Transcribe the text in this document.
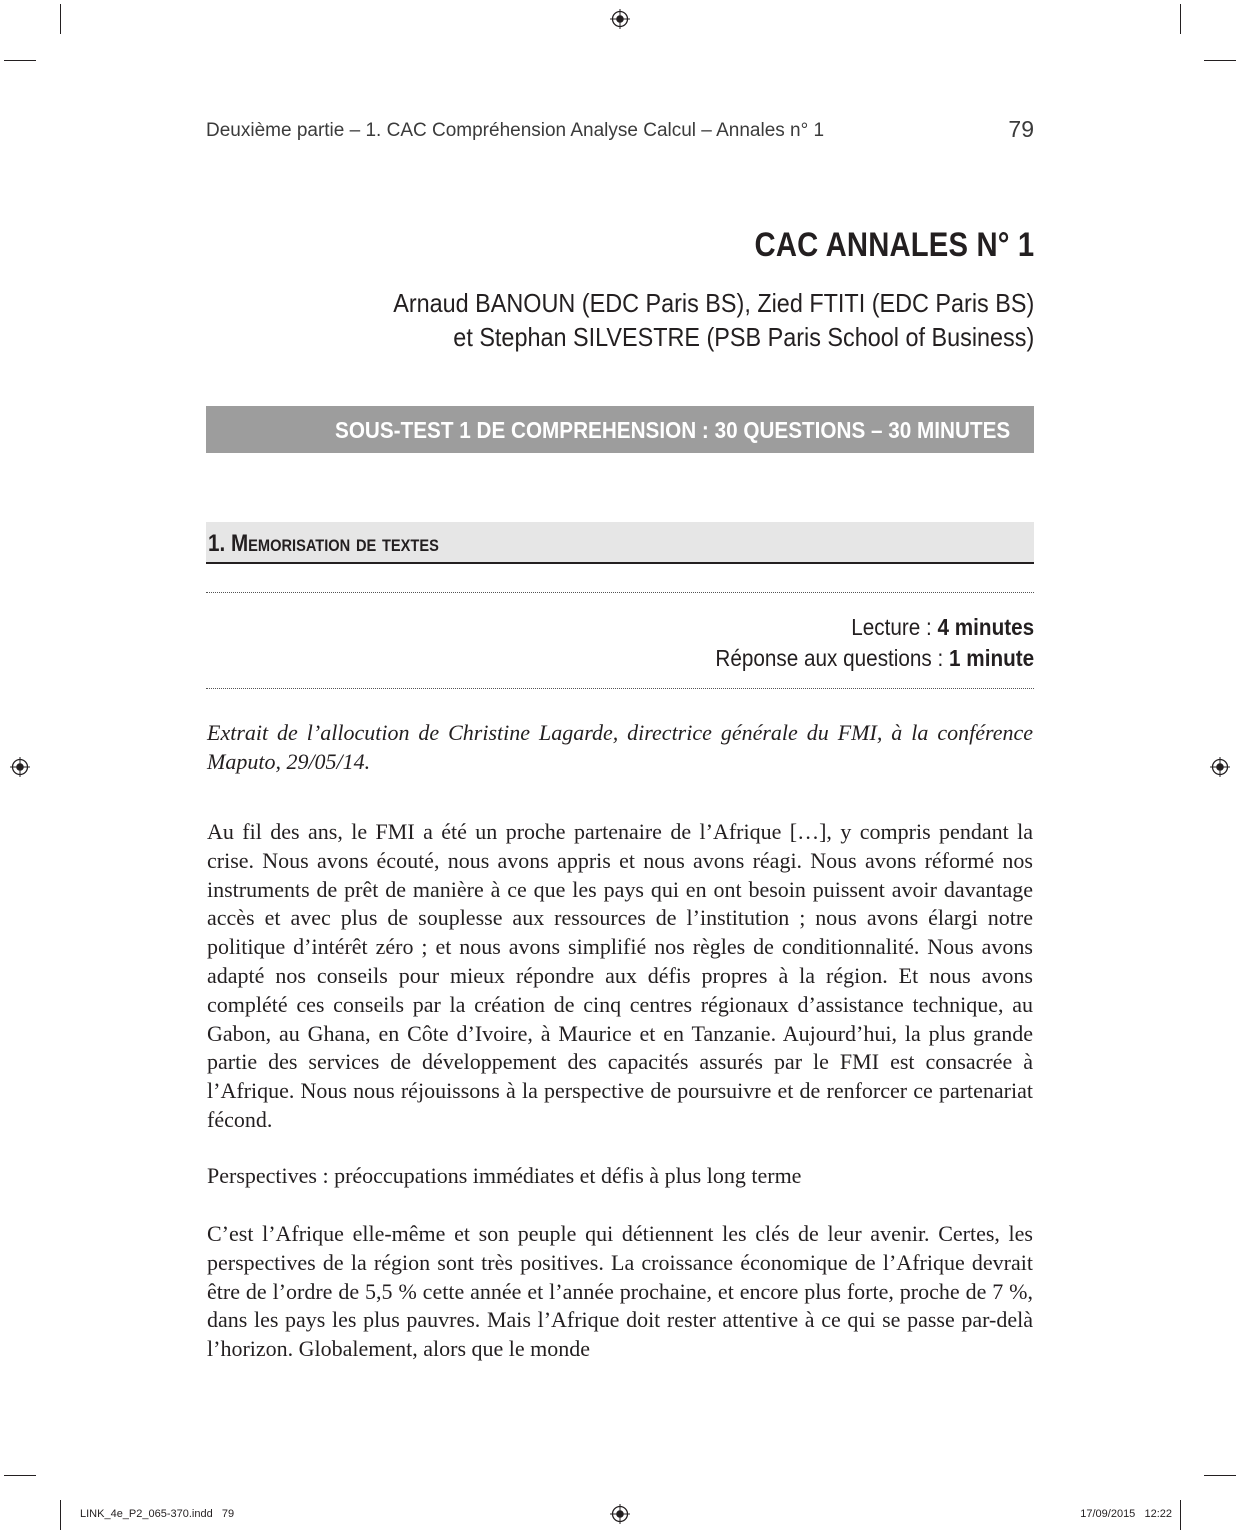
Deuxième partie – 1. CAC Compréhension Analyse Calcul – Annales n° 1	79
CAC ANNALES N° 1
Arnaud BANOUN (EDC Paris BS), Zied FTITI (EDC Paris BS)
et Stephan SILVESTRE (PSB Paris School of Business)
SOUS-TEST 1 DE COMPREHENSION : 30 QUESTIONS – 30 MINUTES
1. Memorisation de textes
Lecture : 4 minutes
Réponse aux questions : 1 minute
Extrait de l’allocution de Christine Lagarde, directrice générale du FMI, à la conférence Maputo, 29/05/14.
Au fil des ans, le FMI a été un proche partenaire de l’Afrique […], y compris pendant la crise. Nous avons écouté, nous avons appris et nous avons réagi. Nous avons réformé nos instruments de prêt de manière à ce que les pays qui en ont besoin puissent avoir davantage accès et avec plus de souplesse aux ressources de l’institution ; nous avons élargi notre politique d’intérêt zéro ; et nous avons simplifié nos règles de conditionnalité. Nous avons adapté nos conseils pour mieux répondre aux défis propres à la région. Et nous avons complété ces conseils par la création de cinq centres régionaux d’assistance technique, au Gabon, au Ghana, en Côte d’Ivoire, à Maurice et en Tanzanie. Aujourd’hui, la plus grande partie des services de développement des capacités assurés par le FMI est consacrée à l’Afrique. Nous nous réjouissons à la perspective de poursuivre et de renforcer ce partenariat fécond.
Perspectives : préoccupations immédiates et défis à plus long terme
C’est l’Afrique elle-même et son peuple qui détiennent les clés de leur avenir. Certes, les perspectives de la région sont très positives. La croissance économique de l’Afrique devrait être de l’ordre de 5,5 % cette année et l’année prochaine, et encore plus forte, proche de 7 %, dans les pays les plus pauvres. Mais l’Afrique doit rester attentive à ce qui se passe par-delà l’horizon. Globalement, alors que le monde
LINK_4e_P2_065-370.indd   79	17/09/2015   12:22
